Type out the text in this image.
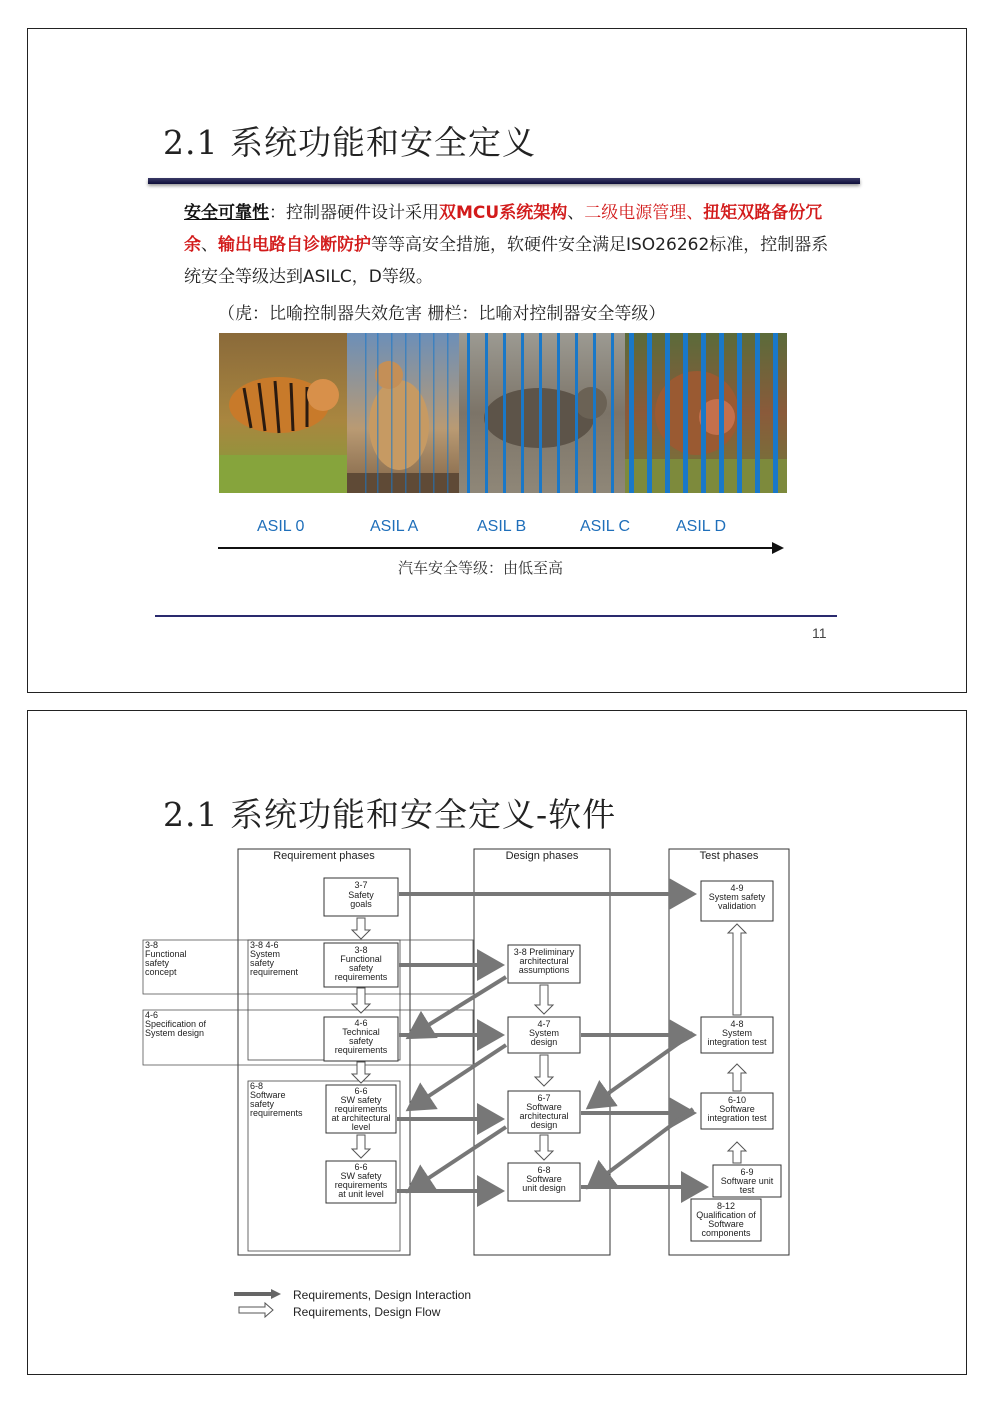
2.1 系统功能和安全定义
安全可靠性：控制器硬件设计采用双MCU系统架构、二级电源管理、扭矩双路备份冗余、输出电路自诊断防护等等高安全措施，软硬件安全满足ISO26262标准，控制器系统安全等级达到ASILC，D等级。
（虎：比喻控制器失效危害 栅栏：比喻对控制器安全等级）
ASIL 0	ASIL A	ASIL B	ASIL C	ASIL D
汽车安全等级：由低至高
11
2.1 系统功能和安全定义-软件
Requirement phases	Design phases	Test phases
3-8
Functional
safety
concept
4-6
Specification of
System design
3-8 4-6
System
safety
requirement
6-8
Software
safety
requirements
3-7
Safety
goals
3-8
Functional
safety
requirements
4-6
Technical
safety
requirements
6-6
SW safety
requirements
at architectural
level
6-6
SW safety
requirements
at unit level
3-8 Preliminary
architectural
assumptions
4-7
System
design
6-7
Software
architectural
design
6-8
Software
unit design
4-9
System safety
validation
4-8
System
integration test
6-10
Software
integration test
6-9
Software unit
test
8-12
Qualification of
Software
components
Requirements, Design Interaction
Requirements, Design Flow
